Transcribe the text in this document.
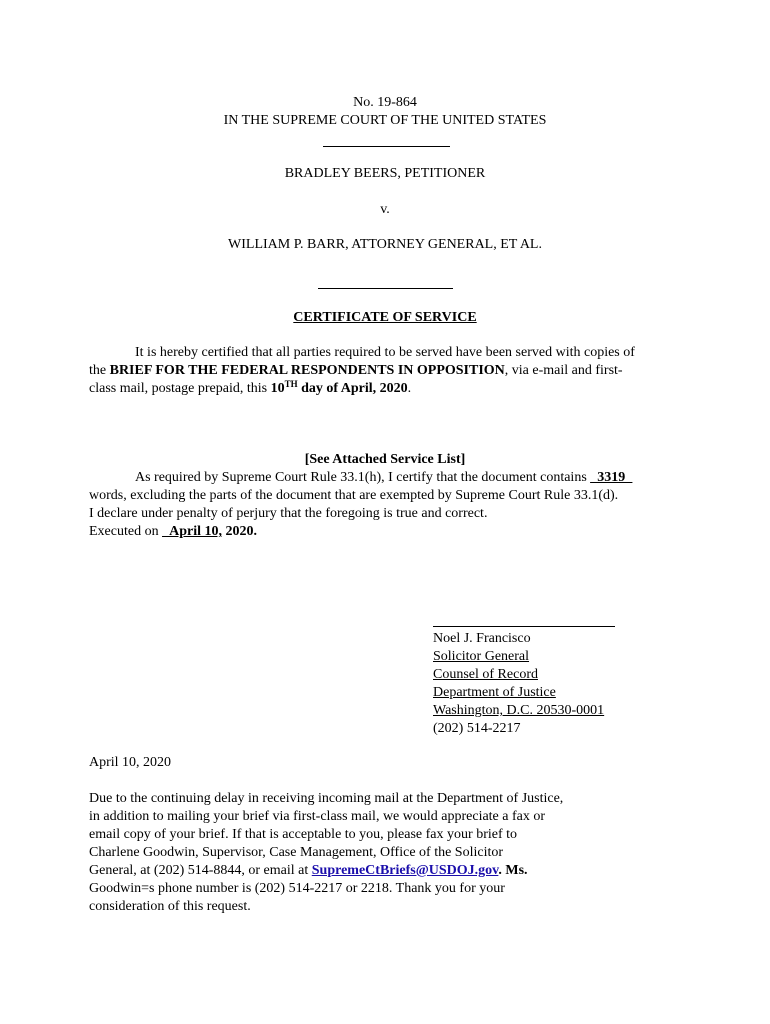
No. 19-864
IN THE SUPREME COURT OF THE UNITED STATES
BRADLEY BEERS, PETITIONER
v.
WILLIAM P. BARR, ATTORNEY GENERAL, ET AL.
CERTIFICATE OF SERVICE
It is hereby certified that all parties required to be served have been served with copies of
the BRIEF FOR THE FEDERAL RESPONDENTS IN OPPOSITION, via e-mail and first-
class mail, postage prepaid, this 10TH day of April, 2020.
[See Attached Service List]
As required by Supreme Court Rule 33.1(h), I certify that the document contains _3319_
words, excluding the parts of the document that are exempted by Supreme Court Rule 33.1(d).
I declare under penalty of perjury that the foregoing is true and correct.
Executed on _April 10, 2020.
Noel J. Francisco
Solicitor General
Counsel of Record
Department of Justice
Washington, D.C. 20530-0001
(202) 514-2217
April 10, 2020
Due to the continuing delay in receiving incoming mail at the Department of Justice,
in addition to mailing your brief via first-class mail, we would appreciate a fax or
email copy of your brief. If that is acceptable to you, please fax your brief to
Charlene Goodwin, Supervisor, Case Management, Office of the Solicitor
General, at (202) 514-8844, or email at SupremeCtBriefs@USDOJ.gov. Ms.
Goodwin=s phone number is (202) 514-2217 or 2218. Thank you for your
consideration of this request.
